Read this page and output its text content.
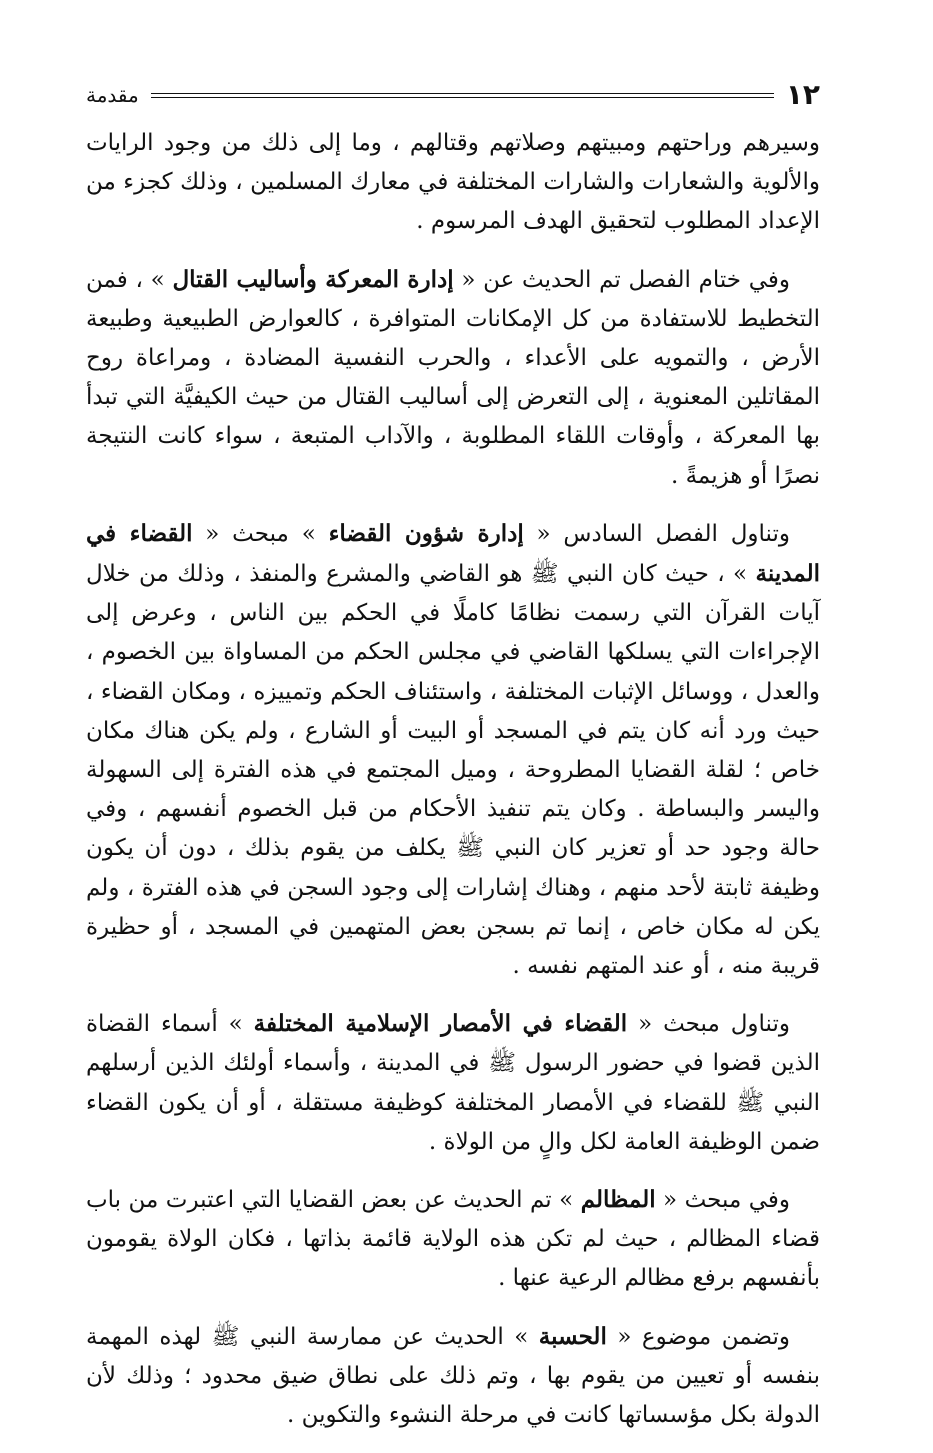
١٢
مقدمة

وسيرهم وراحتهم ومبيتهم وصلاتهم وقتالهم ، وما إلى ذلك من وجود الرايات والألوية والشعارات والشارات المختلفة في معارك المسلمين ، وذلك كجزء من الإعداد المطلوب لتحقيق الهدف المرسوم .

وفي ختام الفصل تم الحديث عن « إدارة المعركة وأساليب القتال » ، فمن التخطيط للاستفادة من كل الإمكانات المتوافرة ، كالعوارض الطبيعية وطبيعة الأرض ، والتمويه على الأعداء ، والحرب النفسية المضادة ، ومراعاة روح المقاتلين المعنوية ، إلى التعرض إلى أساليب القتال من حيث الكيفيَّة التي تبدأ بها المعركة ، وأوقات اللقاء المطلوبة ، والآداب المتبعة ، سواء كانت النتيجة نصرًا أو هزيمةً .

وتناول الفصل السادس « إدارة شؤون القضاء » مبحث « القضاء في المدينة » ، حيث كان النبي ﷺ هو القاضي والمشرع والمنفذ ، وذلك من خلال آيات القرآن التي رسمت نظامًا كاملًا في الحكم بين الناس ، وعرض إلى الإجراءات التي يسلكها القاضي في مجلس الحكم من المساواة بين الخصوم ، والعدل ، ووسائل الإثبات المختلفة ، واستئناف الحكم وتمييزه ، ومكان القضاء ، حيث ورد أنه كان يتم في المسجد أو البيت أو الشارع ، ولم يكن هناك مكان خاص ؛ لقلة القضايا المطروحة ، وميل المجتمع في هذه الفترة إلى السهولة واليسر والبساطة . وكان يتم تنفيذ الأحكام من قبل الخصوم أنفسهم ، وفي حالة وجود حد أو تعزير كان النبي ﷺ يكلف من يقوم بذلك ، دون أن يكون وظيفة ثابتة لأحد منهم ، وهناك إشارات إلى وجود السجن في هذه الفترة ، ولم يكن له مكان خاص ، إنما تم بسجن بعض المتهمين في المسجد ، أو حظيرة قريبة منه ، أو عند المتهم نفسه .

وتناول مبحث « القضاء في الأمصار الإسلامية المختلفة » أسماء القضاة الذين قضوا في حضور الرسول ﷺ في المدينة ، وأسماء أولئك الذين أرسلهم النبي ﷺ للقضاء في الأمصار المختلفة كوظيفة مستقلة ، أو أن يكون القضاء ضمن الوظيفة العامة لكل والٍ من الولاة .

وفي مبحث « المظالم » تم الحديث عن بعض القضايا التي اعتبرت من باب قضاء المظالم ، حيث لم تكن هذه الولاية قائمة بذاتها ، فكان الولاة يقومون بأنفسهم برفع مظالم الرعية عنها .

وتضمن موضوع « الحسبة » الحديث عن ممارسة النبي ﷺ لهذه المهمة بنفسه أو تعيين من يقوم بها ، وتم ذلك على نطاق ضيق محدود ؛ وذلك لأن الدولة بكل مؤسساتها كانت في مرحلة النشوء والتكوين .
